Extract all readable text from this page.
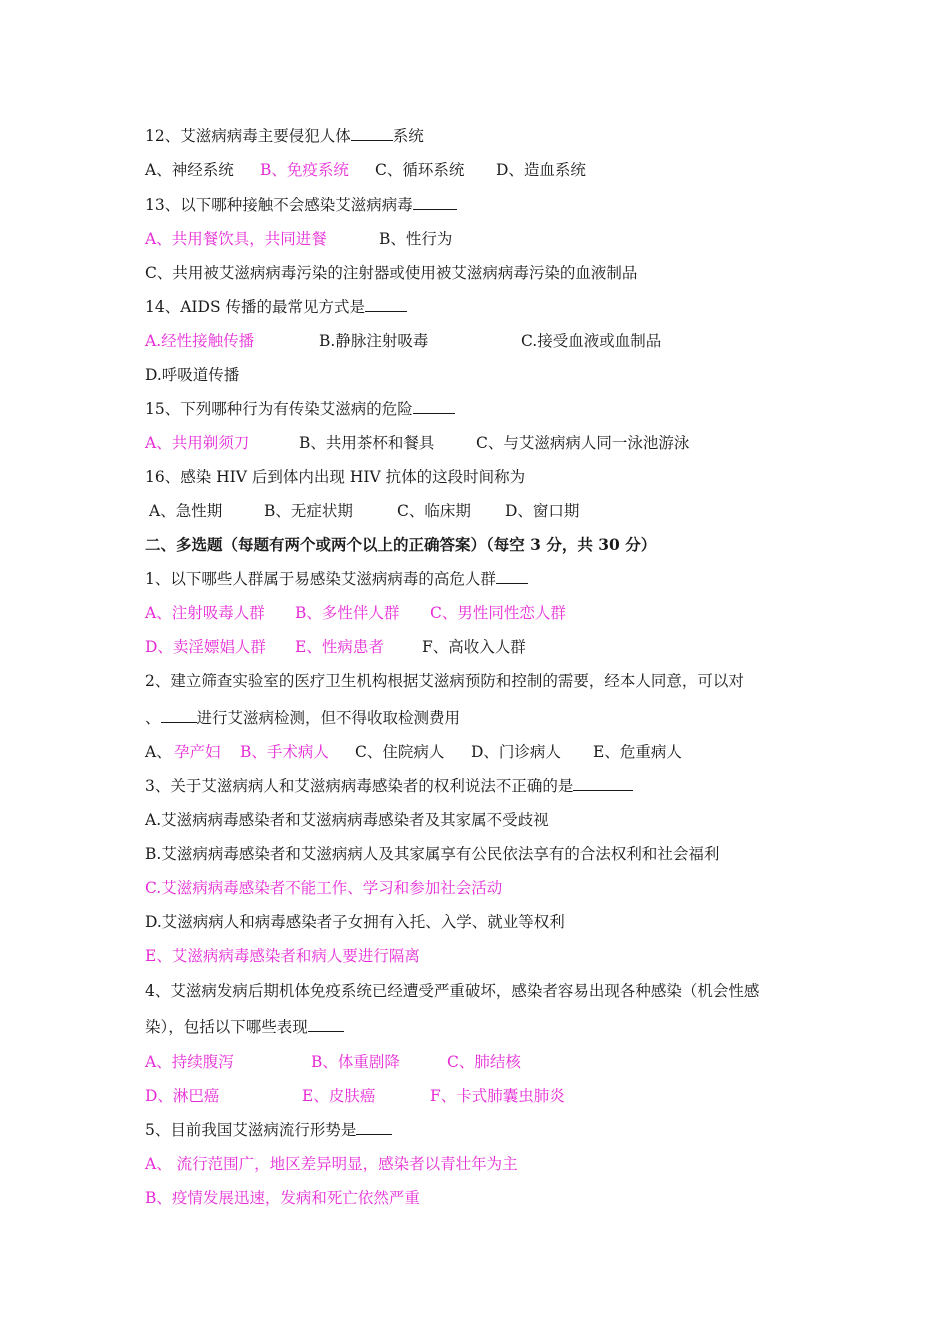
12、艾滋病病毒主要侵犯人体	系统
A、神经系统 B、免疫系统 C、循环系统 D、造血系统
13、以下哪种接触不会感染艾滋病病毒
A、共用餐饮具，共同进餐	B、性行为
C、共用被艾滋病病毒污染的注射器或使用被艾滋病病毒污染的血液制品
14、AIDS 传播的最常见方式是
A.经性接触传播	B.静脉注射吸毒	C.接受血液或血制品
D.呼吸道传播
15、下列哪种行为有传染艾滋病的危险
A、共用剃须刀	B、共用茶杯和餐具	C、与艾滋病病人同一泳池游泳
16、感染 HIV 后到体内出现 HIV 抗体的这段时间称为
A、急性期	B、无症状期	C、临床期 D、窗口期
二、多选题（每题有两个或两个以上的正确答案）（每空 3 分，共 30 分）
1、以下哪些人群属于易感染艾滋病病毒的高危人群
A、注射吸毒人群 B、多性伴人群 C、男性同性恋人群
D、卖淫嫖娼人群 E、性病患者 F、高收入人群
2、建立筛查实验室的医疗卫生机构根据艾滋病预防和控制的需要，经本人同意，可以对
、 进行艾滋病检测，但不得收取检测费用
A、 孕产妇 B、手术病人 C、住院病人 D、门诊病人 E、危重病人
3、关于艾滋病病人和艾滋病病毒感染者的权利说法不正确的是
A.艾滋病病毒感染者和艾滋病病毒感染者及其家属不受歧视
B.艾滋病病毒感染者和艾滋病病人及其家属享有公民依法享有的合法权利和社会福利
C.艾滋病病毒感染者不能工作、学习和参加社会活动
D.艾滋病病人和病毒感染者子女拥有入托、入学、就业等权利
E、艾滋病病毒感染者和病人要进行隔离
4、艾滋病发病后期机体免疫系统已经遭受严重破坏，感染者容易出现各种感染（机会性感
染），包括以下哪些表现
A、持续腹泻	B、体重剧降	C、肺结核
D、淋巴癌	E、皮肤癌	F、卡式肺囊虫肺炎
5、目前我国艾滋病流行形势是
A、 流行范围广，地区差异明显，感染者以青壮年为主
B、疫情发展迅速，发病和死亡依然严重
